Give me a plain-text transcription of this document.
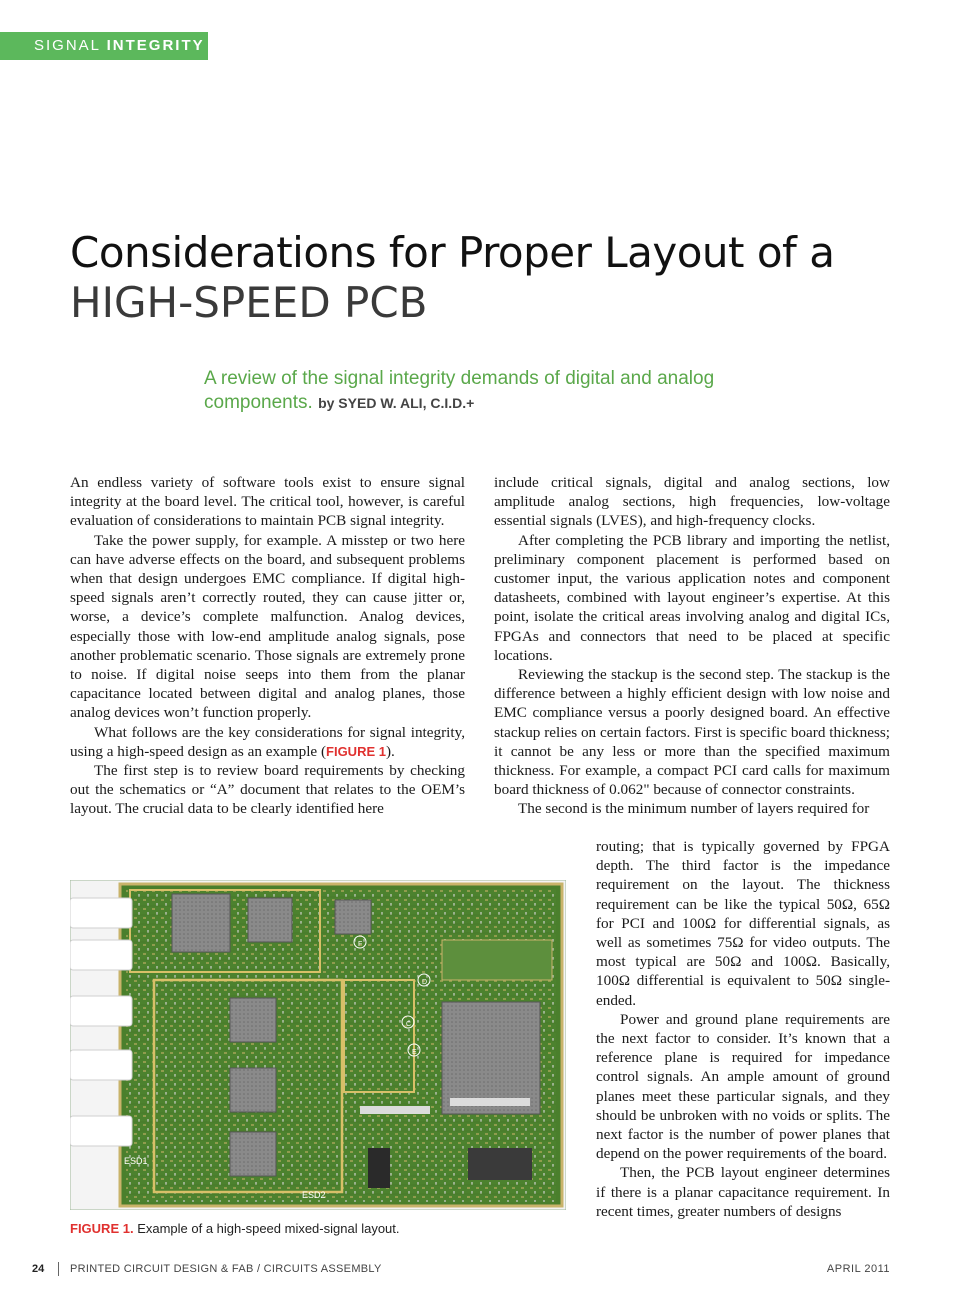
SIGNAL INTEGRITY
Considerations for Proper Layout of a
HIGH-SPEED PCB
A review of the signal integrity demands of digital and analog components. by SYED W. ALI, C.I.D.+

An endless variety of software tools exist to ensure signal integrity at the board level. The critical tool, however, is careful evaluation of considerations to maintain PCB signal integrity.

Take the power supply, for example. A misstep or two here can have adverse effects on the board, and subsequent problems when that design undergoes EMC compliance. If digital high-speed signals aren’t correctly routed, they can cause jitter or, worse, a device’s complete malfunction. Analog devices, especially those with low-end amplitude analog signals, pose another problematic scenario. Those signals are extremely prone to noise. If digital noise seeps into them from the planar capacitance located between digital and analog planes, those analog devices won’t function properly.

What follows are the key considerations for signal integrity, using a high-speed design as an example (FIGURE 1).

The first step is to review board requirements by checking out the schematics or “A” document that relates to the OEM’s layout. The crucial data to be clearly identified here

include critical signals, digital and analog sections, low amplitude analog sections, high frequencies, low-voltage essential signals (LVES), and high-frequency clocks.

After completing the PCB library and importing the netlist, preliminary component placement is performed based on customer input, the various application notes and component datasheets, combined with layout engineer’s expertise. At this point, isolate the critical areas involving analog and digital ICs, FPGAs and connectors that need to be placed at specific locations.

Reviewing the stackup is the second step. The stackup is the difference between a highly efficient design with low noise and EMC compliance versus a poorly designed board. An effective stackup relies on certain factors. First is specific board thickness; it cannot be any less or more than the specified maximum thickness. For example, a compact PCI card calls for maximum board thickness of 0.062" because of connector constraints.

The second is the minimum number of layers required for

routing; that is typically governed by FPGA depth. The third factor is the impedance requirement on the layout. The thickness requirement can be like the typical 50Ω, 65Ω for PCI and 100Ω for differential signals, as well as sometimes 75Ω for video outputs. The most typical are 50Ω and 100Ω. Basically, 100Ω differential is equivalent to 50Ω single-ended.

Power and ground plane requirements are the next factor to consider. It’s known that a reference plane is required for impedance control signals. An ample amount of ground planes meet these particular signals, and they should be unbroken with no voids or splits. The next factor is the number of power planes that depend on the power requirements of the board.

Then, the PCB layout engineer determines if there is a planar capacitance requirement. In recent times, greater numbers of designs

ESD1
ESD2
C
D
E
F
FIGURE 1. Example of a high-speed mixed-signal layout.
24 PRINTED CIRCUIT DESIGN & FAB / CIRCUITS ASSEMBLY	APRIL 2011
